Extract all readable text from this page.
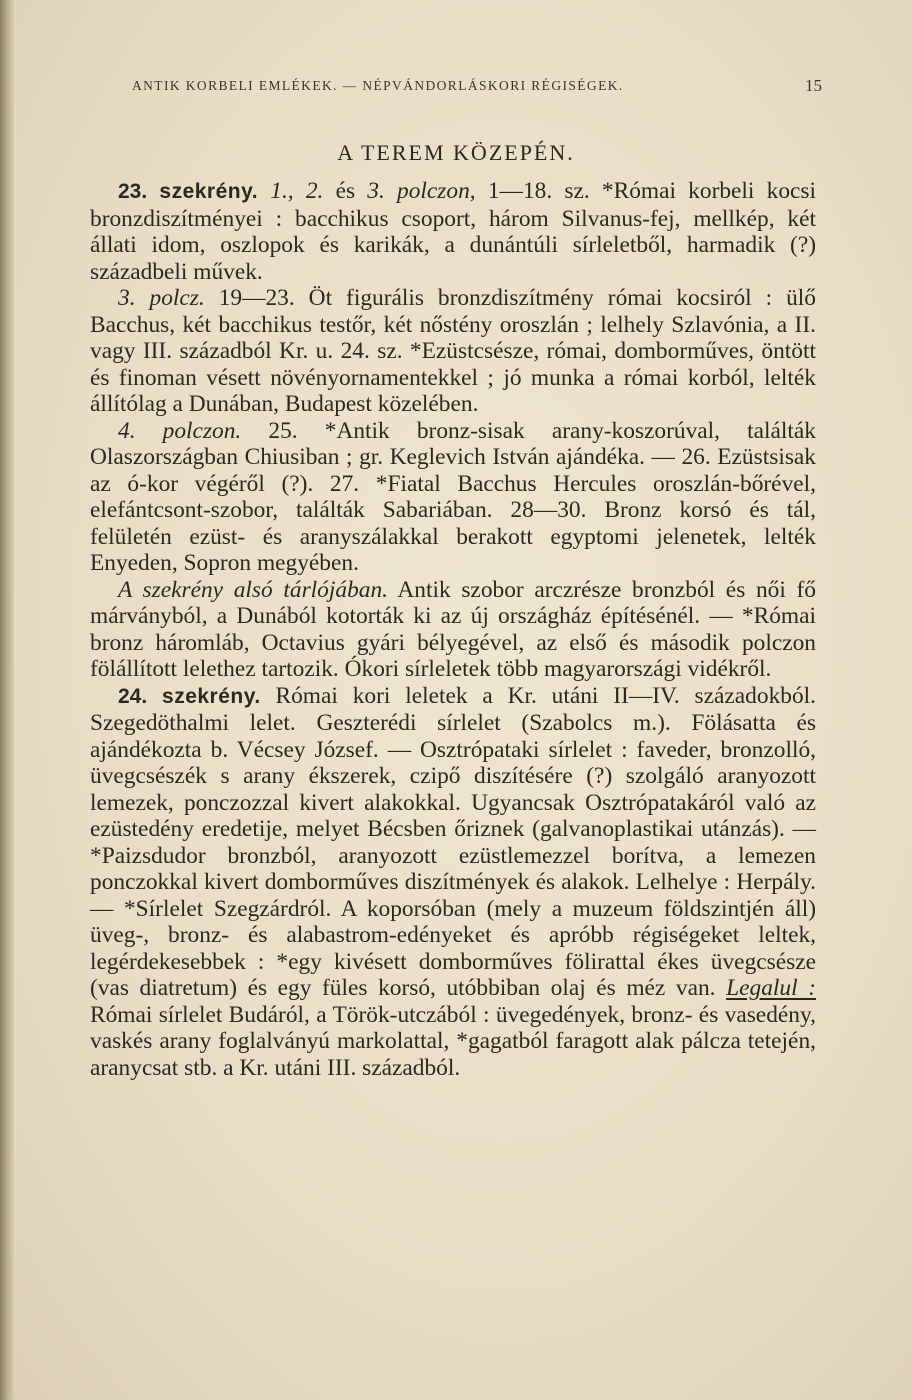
ANTIK KORBELI EMLÉKEK. — NÉPVÁNDORLÁSKORI RÉGISÉGEK.	15
A TEREM KÖZEPÉN.

23. szekrény. 1., 2. és 3. polczon, 1—18. sz. *Római korbeli kocsi bronzdiszítményei : bacchikus csoport, három Silvanus-fej, mellkép, két állati idom, oszlopok és karikák, a dunántúli sírleletből, harmadik (?) századbeli művek.

3. polcz. 19—23. Öt figurális bronzdiszítmény római kocsiról : ülő Bacchus, két bacchikus testőr, két nőstény oroszlán ; lelhely Szlavónia, a II. vagy III. századból Kr. u. 24. sz. *Ezüstcsésze, római, domborműves, öntött és finoman vésett növényornamentekkel ; jó munka a római korból, lelték állítólag a Dunában, Budapest közelében.

4. polczon. 25. *Antik bronz-sisak arany-koszorúval, találták Olaszországban Chiusiban ; gr. Keglevich István ajándéka. — 26. Ezüstsisak az ó-kor végéről (?). 27. *Fiatal Bacchus Hercules oroszlán-bőrével, elefántcsont-szobor, találták Sabariában. 28—30. Bronz korsó és tál, felületén ezüst- és aranyszálakkal berakott egyptomi jelenetek, lelték Enyeden, Sopron megyében.

A szekrény alsó tárlójában. Antik szobor arczrésze bronzból és női fő márványból, a Dunából kotorták ki az új országház építésénél. — *Római bronz háromláb, Octavius gyári bélyegével, az első és második polczon fölállított lelethez tartozik. Ókori sírleletek több magyarországi vidékről.

24. szekrény. Római kori leletek a Kr. utáni II—IV. századokból. Szegedöthalmi lelet. Geszterédi sírlelet (Szabolcs m.). Fölásatta és ajándékozta b. Vécsey József. — Osztrópataki sírlelet : faveder, bronzolló, üvegcsészék s arany ékszerek, czipő diszítésére (?) szolgáló aranyozott lemezek, ponczozzal kivert alakokkal. Ugyancsak Osztrópatakáról való az ezüstedény eredetije, melyet Bécsben őriznek (galvanoplastikai utánzás). — *Paizsdudor bronzból, aranyozott ezüstlemezzel borítva, a lemezen ponczokkal kivert domborműves diszítmények és alakok. Lelhelye : Herpály. — *Sírlelet Szegzárdról. A koporsóban (mely a muzeum földszintjén áll) üveg-, bronz- és alabastrom-edényeket és apróbb régiségeket leltek, legérdekesebbek : *egy kivésett domborműves fölirattal ékes üvegcsésze (vas diatretum) és egy füles korsó, utóbbiban olaj és méz van. Legalul : Római sírlelet Budáról, a Török-utczából : üvegedények, bronz- és vasedény, vaskés arany foglalványú markolattal, *gagatból faragott alak pálcza tetején, aranycsat stb. a Kr. utáni III. századból.
